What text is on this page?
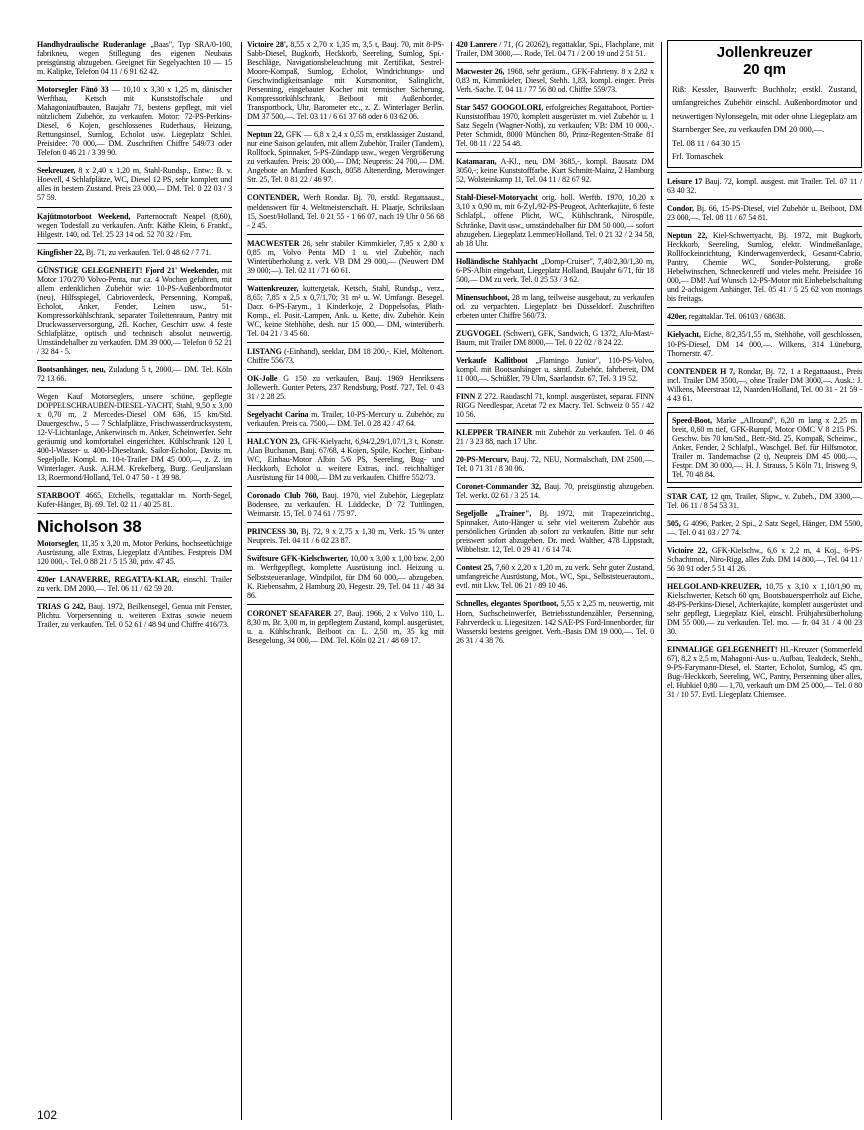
Handhydraulische Ruderanlage „Baas", Typ SRA/0-100, fabrikneu, wegen Stillegung des eigenen Neubaus preisgünstig abzugeben. Geeignet für Segelyachten 10 — 15 m. Kalipke, Telefon 04 11 / 6 91 62 42.

Motorsegler Fänö 33 — 10,10 x 3,30 x 1,25 m, dänischer Werftbau, Ketsch mit Kunststoffschale und Mahagoniaufbauten, Baujahr 71, bestens gepflegt, mit viel nützlichem Zubehör, zu verkaufen. Motor: 72-PS-Perkins-Diesel, 6 Kojen, geschlossenes Ruderhaus, Heizung, Rettungsinsel, Sumlog, Echolot usw. Liegeplatz Schlei. Preisidee: 70 000,— DM. Zuschriften Chiffre 549/73 oder Telefon 0 46 21 / 3 39 90.

Seekreuzer, 8 x 2,40 x 1,20 m, Stahl-Rundsp., Entw.: B. v. Hoevell, 4 Schlafplätze, WC, Diesel 12 PS, sehr komplett und alles in bestem Zustand. Preis 23 000,— DM. Tel. 0 22 03 / 3 57 59.

Kajütmotorboot Weekend, Parternocraft Neapel (8,60), wegen Todesfall zu verkaufen. Anfr. Käthe Klein, 6 Frankf., Hilgestr. 140, od. Tel. 25 23 14 od. 52 70 32 / Fm.

Kingfisher 22, Bj. 71, zu verkaufen. Tel. 0 48 62 / 7 71.

GÜNSTIGE GELEGENHEIT! Fjord 21' Weekender, mit Motor 170/270 Volvo-Penta, nur ca. 4 Wochen gefahren, mit allem erdenklichen Zubehör wie: 10-PS-Außenbordmotor (neu), Hilfsspiegel, Cabrioverdeck, Persenning, Kompaß, Echolot, Anker, Fender, Leinen usw., 51-Kompressorkühlschrank, separater Toilettenraum, Pantry mit Druckwasserversorgung, 2fl. Kocher, Geschirr usw. 4 feste Schlafplätze, optisch und technisch absolut neuwertig. Umständehalber zu verkaufen. DM 39 000,— Telefon 0 52 21 / 32 84 - 5.

Bootsanhänger, neu, Zuladung 5 t, 2000,— DM. Tel. Köln 72 13 66.

Wegen Kauf Motorseglers, unsere schöne, gepflegte DOPPELSCHRAUBEN-DIESEL-YACHT, Stahl, 9,50 x 3,00 x 0,70 m, 2 Mercedes-Diesel OM 636, 15 km/Std. Dauergeschw., 5 — 7 Schlafplätze, Frischwasserdrucksystem, 12-V-Lichtanlage, Ankerwinsch m. Anker, Scheinwerfer. Sehr geräumig und komfortabel eingerichtet. Kühlschrank 120 l, 400-l-Wasser- u. 400-l-Dieseltank. Sailor-Echolot, Davits m. Segeljolle. Kompl. m. 10-t-Trailer DM 45 000,—, z. Z. im Winterlager. Ausk. A.H.M. Krekelberg, Burg. Geuljanslaan 13, Roermond/Holland, Tel. 0 47 50 - 1 39 98.

STARBOOT 4665, Etchells, regattaklar m. North-Segel, Kufer-Hänger, Bj. 69. Tel. 02 11 / 40 25 81.

Nicholson 38

Motorsegler, 11,35 x 3,20 m, Motor Perkins, hochseetüchtige Ausrüstung, alle Extras, Liegeplatz d'Antibes. Festpreis DM 120 000,-. Tel. 0 88 21 / 5 15 30, priv. 47 45.

420er LANAVERRE, REGATTA-KLAR, einschl. Trailer zu verk. DM 2000,—. Tel. 06 11 / 62 59 20.

TRIAS G 242, Bauj. 1972, Beilkensegel, Genua mit Fenster, Plichtu. Vorpersenning u. weiteren Extras sowie neuem Trailer, zu verkaufen. Tel. 0 52 61 / 48 94 und Chiffre 416/73.

Victoire 28', 8,55 x 2,70 x 1,35 m, 3,5 t, Bauj. 70, mit 8-PS-Sabb-Diesel, Bugkorb, Heckkorb, Seereling, Sumlog, Spi.-Beschläge, Navigationsbeleuchtung mit Zertifikat, Sestrel-Moore-Kompaß, Sumlog, Echolot, Windrichtungs- und Geschwindigkeitsanlage mit Kursmonitor, Salinglicht, Persenning, eingebauter Kocher mit termischer Sicherung, Kompressorkühlschrank, Beiboot mit Außenborder, Transportbock, Uhr, Barometer etc., z. Z. Winterlager Berlin. DM 37 500,—. Tel. 03 11 / 6 61 37 68 oder 6 03 62 06.

Neptun 22, GFK — 6,8 x 2,4 x 0,55 m, erstklassiger Zustand, nur eine Saison gelaufen, mit allem Zubehör, Trailer (Tandem), Rollfock, Spinnaker, 5-PS-Zündapp usw., wegen Vergrößerung zu verkaufen. Preis: 20 000,— DM; Neupreis: 24 700,— DM. Angebote an Manfred Kusch, 8058 Altenerding, Merowinger Str. 25, Tel. 0 81 22 / 46 97.

CONTENDER, Werft Rondar. Bj. 70, erstkl. Regattaaust., meldenswert für 4. Weltmeisterschaft. H. Plaatje, Schrikslaan 15, Soest/Holland, Tel. 0 21 55 - 1 66 07, nach 19 Uhr 0 56 68 - 2 45.

MACWESTER 26, sehr stabiler Kimmkieler, 7,95 x 2,80 x 0,85 m, Volvo Penta MD 1 u. viel Zubehör, nach Winterüberholung z. verk. VB DM 29 000,— (Neuwert DM 39 000;—). Tel. 02 11 / 71 60 61.

Wattenkreuzer, kuttergetak. Ketsch, Stahl, Rundsp., verz., 8,65; 7,85 x 2,5 x 0,7/1,70; 31 m² u. W. Umfangr. Besegel. Dacr. 6-PS-Farym., 1 Kinderkoje, 2 Doppelsofas, Plath-Komp., el. Posit.-Lampen, Ank. u. Kette, div. Zubehör. Kein WC, keine Stehhöhe, desh. nur 15 000,— DM, winterüberh. Tel. 04 21 / 3 45 60.

LISTANG (-Einhand), seeklar, DM 18 200,-. Kiel, Möltenort. Chiffre 556/73.

OK-Jolle G 150 zu verkaufen, Bauj. 1969 Henriksens Jollewerft. Gunter Peters, 237 Rendsburg, Postf. 727, Tel. 0 43 31 / 2 28 25.

Segelyacht Carina m. Trailer, 10-PS-Mercury u. Zubehör, zu verkaufen. Preis ca. 7500,— DM. Tel. 0 28 42 / 47 64.

HALCYON 23, GFK-Kielyacht, 6,94/2,29/1,07/1,3 t, Konstr. Alan Buchanan, Bauj. 67/68, 4 Kojen, Spüle, Kocher, Einbau-WC, Einbau-Motor Albin 5/6 PS, Seereling, Bug- und Heckkorb, Echolot u. weitere Extras, incl. reichhaltiger Ausrüstung für 14 000,— DM zu verkaufen. Chiffre 552/73.

Coronado Club 760, Bauj. 1970, viel Zubehör, Liegeplatz Bodensee, zu verkaufen. H. Lüddecke, D 72 Tuttlingen, Weimarstr. 15, Tel. 0 74 61 / 75 97.

PRINCESS 30, Bj. 72, 9 x 2,75 x 1,30 m, Verk. 15 % unter Neupreis. Tel. 04 11 / 6 02 23 87.

Swiftsure GFK-Kielschwerter, 10,00 x 3,00 x 1,00 bzw. 2,00 m. Werftgepflegt, komplette Ausrüstung incl. Heizung u. Selbststeueranlage, Windpilot, für DM 60 000,— abzugeben. K. Riebensahm, 2 Hamburg 20, Hegestr. 29, Tel. 04 11 / 48 34 86.

CORONET SEAFARER 27, Bauj. 1966, 2 x Volvo 110, L. 8,30 m, Br. 3,00 m, in gepflegtem Zustand, kompl. ausgerüstet, u. a. Kühlschrank, Beiboot ca. L. 2,50 m, 35 kg mit Besegelung, 34 000,— DM. Tel. Köln 02 21 / 48 69 17.

420 Lanrere / 71, (G 20262), regattaklar, Spi., Flachplane, mit Trailer, DM 3000,—. Rode, Tel. 04 71 / 2 00 19 und 2 51 51.

Macwester 26, 1968, sehr geräum., GFK-Fahrteny. 8 x 2,82 x 0,83 m, Kimmkieler, Diesel, Stehh. 1,83, kompl. einger. Preis Verh.-Sache. T. 04 11 / 77 56 80 od. Chiffre 559/73.

Star 5457 GOOGOLORI, erfolgreiches Regattaboot, Portier-Kunststoffbau 1970, komplett ausgerüstet m. viel Zubehör u. 1 Satz Segeln (Wagner-Noth), zu verkaufen; VB: DM 10 000,-. Peter Schmidt, 8000 München 80, Prinz-Regenten-Straße 81 Tel. 08 11 / 22 54 48.

Katamaran, A-Kl., neu, DM 3685,-, kompl. Bausatz DM 3050,-; keine Kunststofffarbe. Kurt Schmitt-Mainz, 2 Hamburg 52, Wolsteinkamp 11, Tel. 04 11 / 82 67 92.

Stahl-Diesel-Motoryacht orig. holl. Werftb. 1970, 10,20 x 3,10 x 0,90 m, mit 6-Zyl./92-PS-Peugeot, Achterkajüte, 6 feste Schlafpl., offene Plicht, WC, Kühlschrank, Nirospüle, Schränke, Davit usw., umständehalber für DM 50 000,— sofort abzugeben. Liegeplatz Lemmer/Holland. Tel. 0 21 32 / 2 34 58, ab 18 Uhr.

Holländische Stahlyacht „Domp-Cruiser", 7,40/2,30/1,30 m, 6-PS-Albin eingebaut, Liegeplatz Holland, Baujahr 6/71, für 18 500,— DM zu verk. Tel. 0 25 53 / 3 62.

Minensuchboot, 28 m lang, teilweise ausgebaut, zu verkaufen od. zu verpachten. Liegeplatz bei Düsseldorf. Zuschriften erbeten unter Chiffre 560/73.

ZUGVOGEL (Schwert), GFK, Sandwich, G 1372, Alu-Mast/-Baum, mit Trailer DM 8000,— Tel. 0 22 02 / 8 24 22.

Verkaufe Kallitboot „Flamingo Junior", 110-PS-Volvo, kompl. mit Bootsanhänger u. sämtl. Zubehör, fahrbereit, DM 11 000,—. Schüßler, 79 Ulm, Saarlandstr. 67, Tel. 3 19 52.

FINN Z 272. Raudaschl 71, kompl. ausgerüstet, separat. FINN RIGG Needlespar, Acetat 72 ex Macry. Tel. Schweiz 0 55 / 42 10 56.

KLEPPER TRAINER mit Zubehör zu verkaufen. Tel. 0 46 21 / 3 23 88, nach 17 Uhr.

20-PS-Mercurv, Bauj. 72, NEU, Normalschaft, DM 2500,—. Tel. 0 71 31 / 8 30 06.

Coronet-Commander 32, Bauj. 70, preisgünstig abzugeben. Tel. werkt. 02 61 / 3 25 14.

Segeljolle „Trainer", Bj. 1972, mit Trapezeinrichtg., Spinnaker, Auto-Hänger u. sehr viel weiterem Zubehör aus persönlichen Gründen ab sofort zu verkaufen. Bitte nur sehr preiswert sofort abzugeben. Dr. med. Walther, 478 Lippstadt, Wibbeltstr. 12, Tel. 0 29 41 / 6 14 74.

Contest 25, 7,60 x 2,20 x 1,20 m, zu verk. Sehr guter Zustand, umfangreiche Ausrüstung, Mot., WC, Spi., Selbststeuerautom., evtl. mit Lkw. Tel. 06 21 / 89 10 46.

Schnelles, elegantes Sportboot, 5,55 x 2,25 m, neuwertig, mit Horn, Suchscheinwerfer, Betriebsstundenzähler, Persenning, Fahrverdeck u. Liegesitzen. 142 SAE-PS Ford-Innenborder, für Wasserski bestens geeignet. Verh.-Basis DM 19 000,—. Tel. 0 26 31 / 4 38 76.

Jollenkreuzer
20 qm

Riß: Kessler, Bauwerft: Buchholz; erstkl. Zustand, umfangreiches Zubehör einschl. Außenbordmotor und neuwertigen Nylonsegeln, mit oder ohne Liegeplatz am Starnberger See, zu verkaufen DM 20 000,—.

Tel. 08 11 / 64 30 15

Frl. Tomaschek

Leisure 17 Bauj. 72, kompl. ausgest. mit Trailer. Tel. 07 11 / 63 40 32.

Condor, Bj. 66, 15-PS-Diesel, viel Zubehör u. Beiboot, DM 23 000,—. Tel. 08 11 / 67 54 81.

Neptun 22, Kiel-Schwertyacht, Bj. 1972, mit Bugkorb, Heckkorb, Seereling, Sumlog, elektr. Windmeßanlage, Rollfockeinrichtung, Kinderwagenverdeck, Gesamt-Cabrio, Pantry, Chemie WC, Sonder-Polsterung, große Hebelwinschen, Schneckenreff und vieles mehr. Preisidee 16 000,— DM! Auf Wunsch 12-PS-Motor mit Einhebelschaltung und 2-achsigem Anhänger. Tel. 05 41 / 5 25 62 von montags bis freitags.

420er, regattaklar. Tel. 06103 / 68638.

Kielyacht, Eiche, 8/2,35/1,55 m, Stehhöhe, voll geschlossen, 10-PS-Diesel, DM 14 000,—. Wilkens, 314 Lüneburg, Thornerstr. 47.

CONTENDER H 7, Rondar, Bj. 72, 1 a Regattaaust., Preis incl. Trailer DM 3500,—, ohne Trailer DM 3000,—. Ausk.: J. Wilkens, Meerstraat 12, Naarden/Holland, Tel. 00 31 - 21 59 - 4 43 61.

Speed-Boot, Marke „Allround", 6,20 m lang x 2,25 m breit, 0,60 m tief, GFK-Rumpf, Motor OMC V 8 215 PS. Geschw. bis 70 km/Std., Betr.-Std. 25, Kompaß, Scheinw., Anker, Fender, 2 Schlafpl., Waschgel. Bef. für Hilfsmotor, Trailer m. Tandemachse (2 t), Neupreis DM 45 000,—, Festpr. DM 30 000,—. H. J. Strauss, 5 Köln 71, Irisweg 9, Tel. 70 48 84.

STAR CAT, 12 qm, Trailer, Slipw., v. Zubeh., DM 3300,—. Tel. 06 11 / 8 54 53 31.

505, G 4096, Parker, 2 Spi., 2 Satz Segel, Hänger, DM 5500,—. Tel. 0 41 03 / 27 74.

Victoire 22, GFK-Kielschw., 6,6 x 2,2 m, 4 Koj., 6-PS-Schachtmot., Niro-Rigg, alles Zub. DM 14 800,—, Tel. 04 11 / 56 30 91 oder 5 51 41 26.

HELGOLAND-KREUZER, 10,75 x 3,10 x 1,10/1,90 m, Kielschwerter, Ketsch 60 qm, Bootsbauersperrholz auf Eiche, 48-PS-Perkins-Diesel, Achterkajüte, komplett ausgerüstet und sehr gepflegt, Liegeplatz Kiel, einschl. Frühjahrsüberholung DM 55 000,— zu verkaufen. Tel. mo. — fr. 04 31 / 4 00 23 30.

EINMALIGE GELEGENHEIT! HL-Kreuzer (Sommerfeld 67), 8,2 x 2,5 m, Mahagoni-Aus- u. Aufbau, Teakdeck, Stehh., 9-PS-Farymann-Diesel, el. Starter, Echolot, Sumlog, 45 qm, Bug-/Heckkorb, Seereling, WC, Pantry, Persenning über alles, el. Hubkiel 0,80 — 1,70, verkauft um DM 25 000,— Tel. 0 80 31 / 10 57. Evtl. Liegeplatz Chiemsee.

102
